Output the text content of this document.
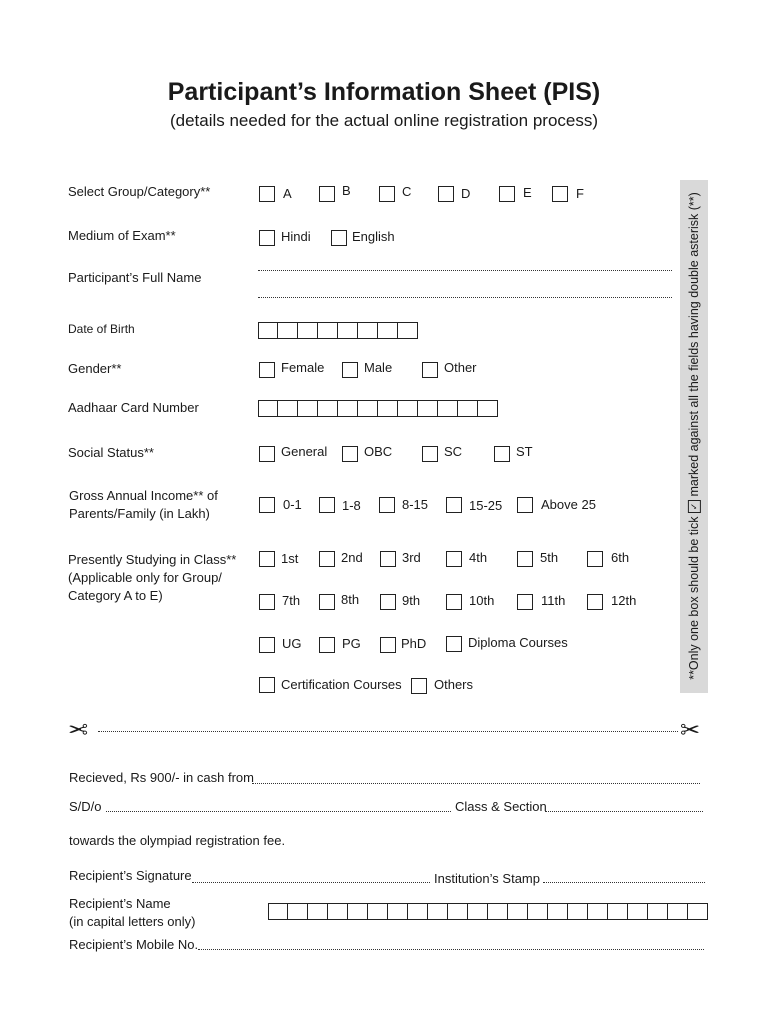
Participant’s Information Sheet (PIS)
(details needed for the actual online registration process)
Select Group/Category**	A	B	C	D	E	F
Medium of Exam**	Hindi	English
Participant’s Full Name
Date of Birth
Gender**	Female	Male	Other
Aadhaar Card Number
Social Status**	General	OBC	SC	ST
Gross Annual Income** of
Parents/Family (in Lakh)
0-1	1-8	8-15	15-25	Above 25
Presently Studying in Class**
(Applicable only for Group/
Category A to E)
1st	2nd	3rd	4th	5th	6th
7th	8th	9th	10th	11th	12th
UG	PG	PhD	Diploma Courses
Certification Courses Others
**Only one box should be tick ✓ marked against all the fields having double asterisk (**)
✂	✂
Recieved, Rs 900/- in cash from
S/D/o	Class & Section
towards the olympiad registration fee.
Recipient’s Signature	Institution’s Stamp
Recipient’s Name
(in capital letters only)
Recipient’s Mobile No.
